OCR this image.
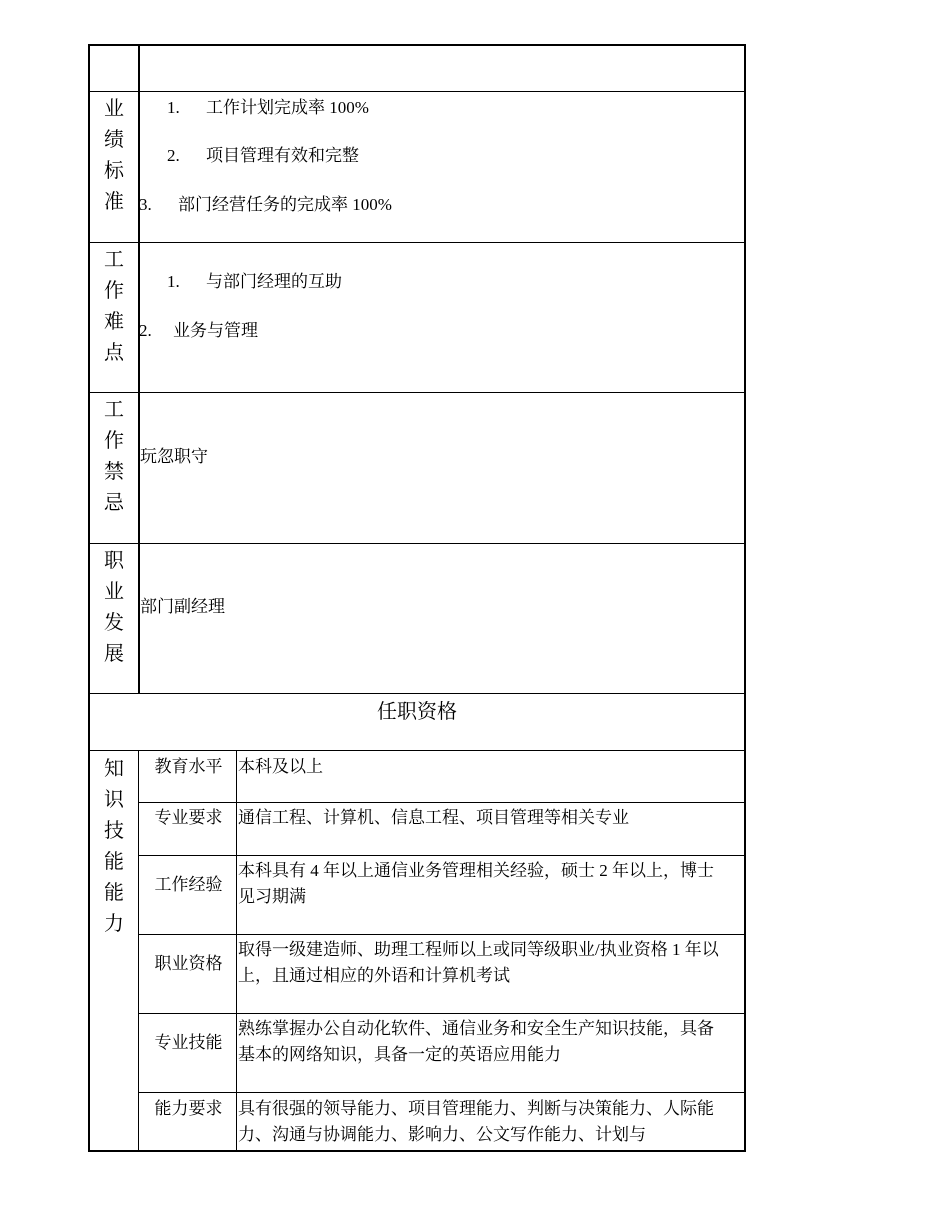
业绩标准
1. 工作计划完成率 100%
2. 项目管理有效和完整
3. 部门经营任务的完成率 100%
工作难点
1. 与部门经理的互助
2. 业务与管理
工作禁忌
玩忽职守
职业发展
部门副经理
任职资格
知识技能能力
教育水平 本科及以上
专业要求 通信工程、计算机、信息工程、项目管理等相关专业
工作经验
本科具有 4 年以上通信业务管理相关经验，硕士 2 年以上，博士见习期满
职业资格
取得一级建造师、助理工程师以上或同等级职业/执业资格 1 年以上，且通过相应的外语和计算机考试
专业技能
熟练掌握办公自动化软件、通信业务和安全生产知识技能，具备基本的网络知识，具备一定的英语应用能力
能力要求 具有很强的领导能力、项目管理能力、判断与决策能力、人际能力、沟通与协调能力、影响力、公文写作能力、计划与
